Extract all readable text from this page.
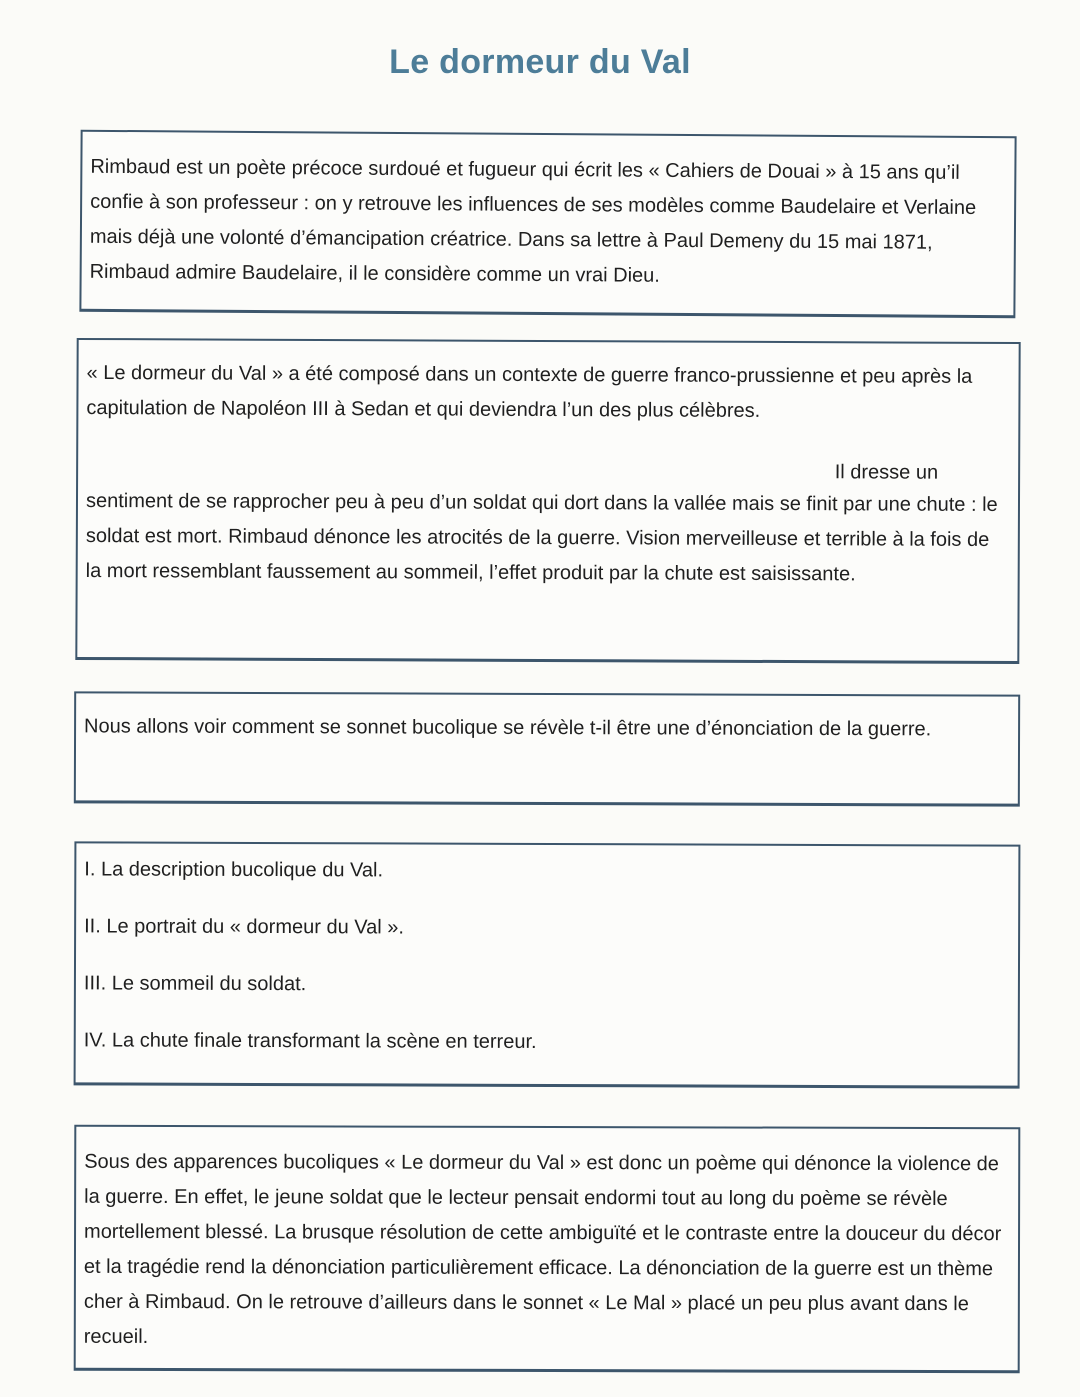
Le dormeur du Val

Rimbaud est un poète précoce surdoué et fugueur qui écrit les « Cahiers de Douai » à 15 ans qu’il confie à son professeur : on y retrouve les influences de ses modèles comme Baudelaire et Verlaine mais déjà une volonté d’émancipation créatrice. Dans sa lettre à Paul Demeny du 15 mai 1871, Rimbaud admire Baudelaire, il le considère comme un vrai Dieu.

« Le dormeur du Val » a été composé dans un contexte de guerre franco-prussienne et peu après la capitulation de Napoléon III à Sedan et qui deviendra l’un des plus célèbres.

Il dresse un

sentiment de se rapprocher peu à peu d’un soldat qui dort dans la vallée mais se finit par une chute : le soldat est mort. Rimbaud dénonce les atrocités de la guerre. Vision merveilleuse et terrible à la fois de la mort ressemblant faussement au sommeil, l’effet produit par la chute est saisissante.

Nous allons voir comment se sonnet bucolique se révèle t-il être une d’énonciation de la guerre.

I. La description bucolique du Val.

II. Le portrait du « dormeur du Val ».

III. Le sommeil du soldat.

IV. La chute finale transformant la scène en terreur.

Sous des apparences bucoliques « Le dormeur du Val » est donc un poème qui dénonce la violence de la guerre. En effet, le jeune soldat que le lecteur pensait endormi tout au long du poème se révèle mortellement blessé. La brusque résolution de cette ambiguïté et le contraste entre la douceur du décor et la tragédie rend la dénonciation particulièrement efficace. La dénonciation de la guerre est un thème cher à Rimbaud. On le retrouve d’ailleurs dans le sonnet « Le Mal » placé un peu plus avant dans le recueil.
